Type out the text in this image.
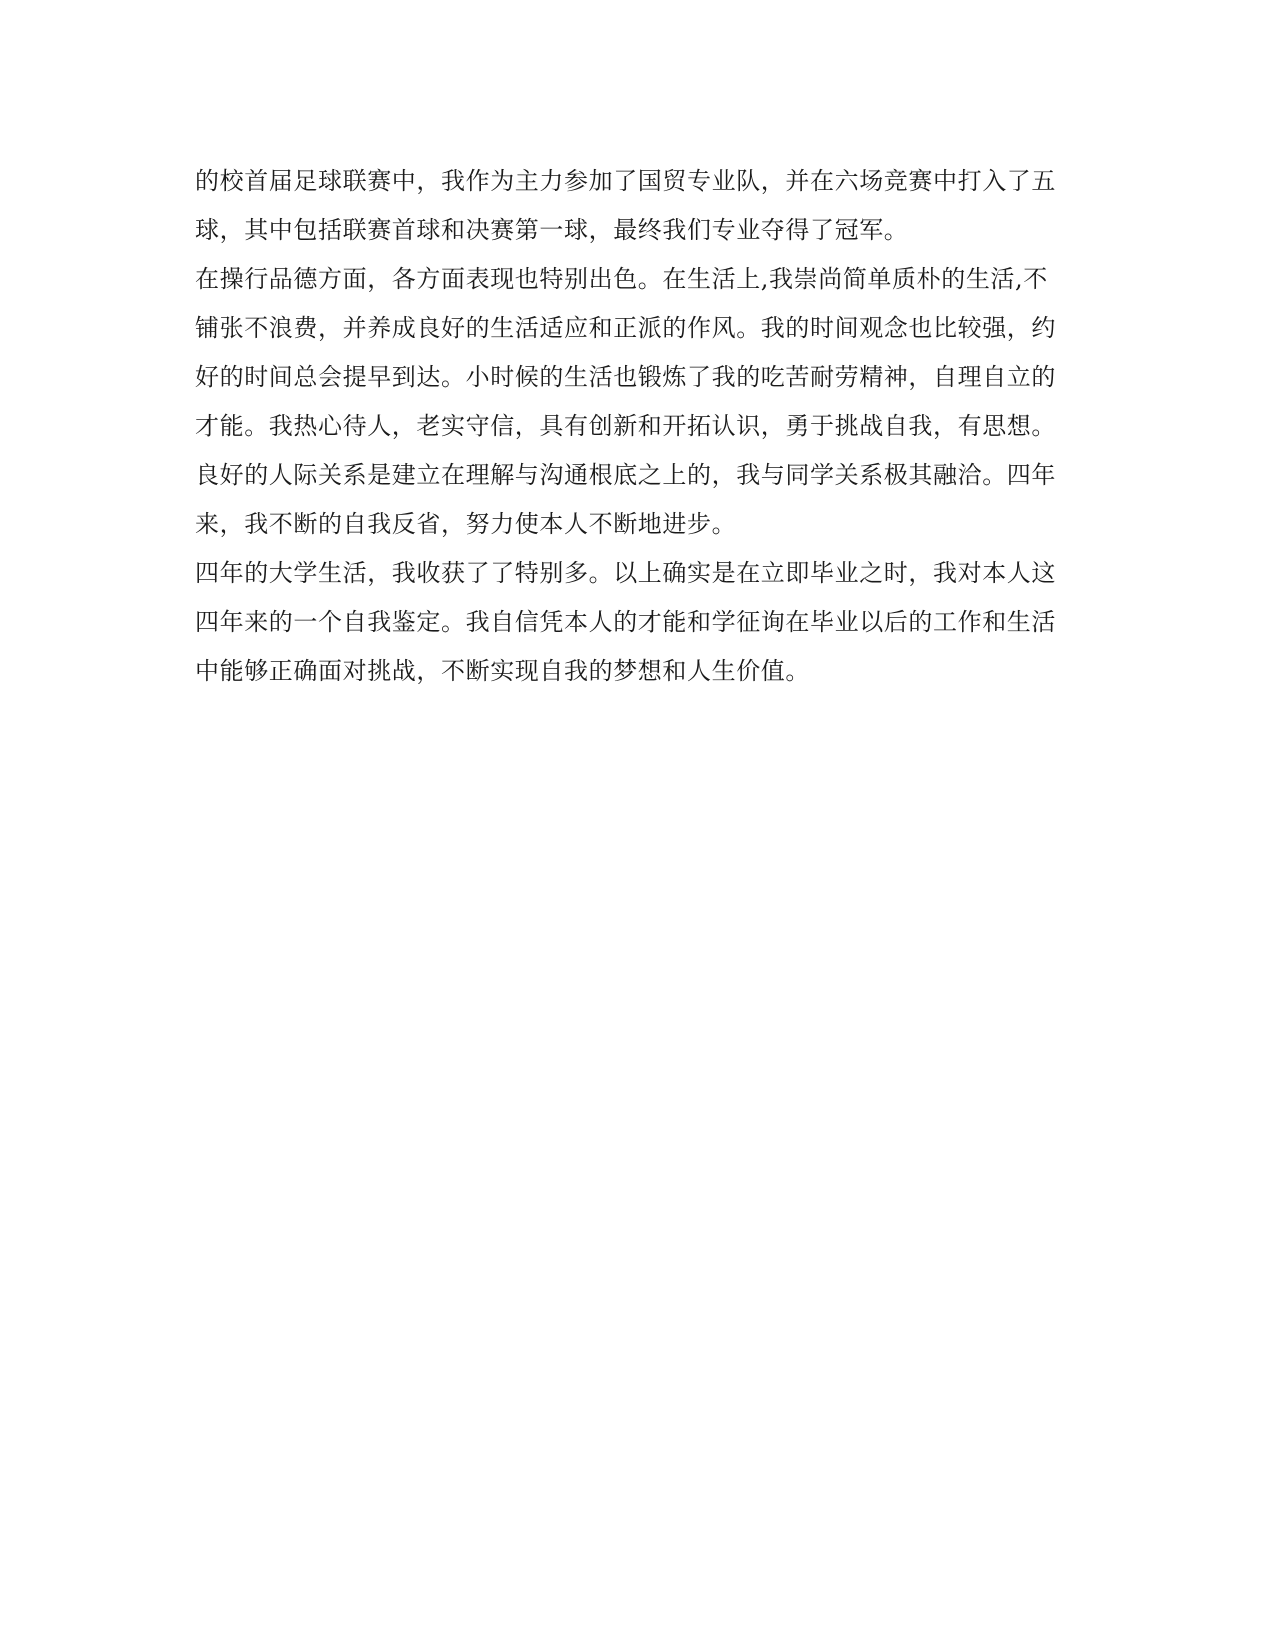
的校首届足球联赛中，我作为主力参加了国贸专业队，并在六场竞赛中打入了五
球，其中包括联赛首球和决赛第一球，最终我们专业夺得了冠军。
在操行品德方面，各方面表现也特别出色。在生活上,我崇尚简单质朴的生活,不
铺张不浪费，并养成良好的生活适应和正派的作风。我的时间观念也比较强，约
好的时间总会提早到达。小时候的生活也锻炼了我的吃苦耐劳精神，自理自立的
才能。我热心待人，老实守信，具有创新和开拓认识，勇于挑战自我，有思想。
良好的人际关系是建立在理解与沟通根底之上的，我与同学关系极其融洽。四年
来，我不断的自我反省，努力使本人不断地进步。
四年的大学生活，我收获了了特别多。以上确实是在立即毕业之时，我对本人这
四年来的一个自我鉴定。我自信凭本人的才能和学征询在毕业以后的工作和生活
中能够正确面对挑战，不断实现自我的梦想和人生价值。
